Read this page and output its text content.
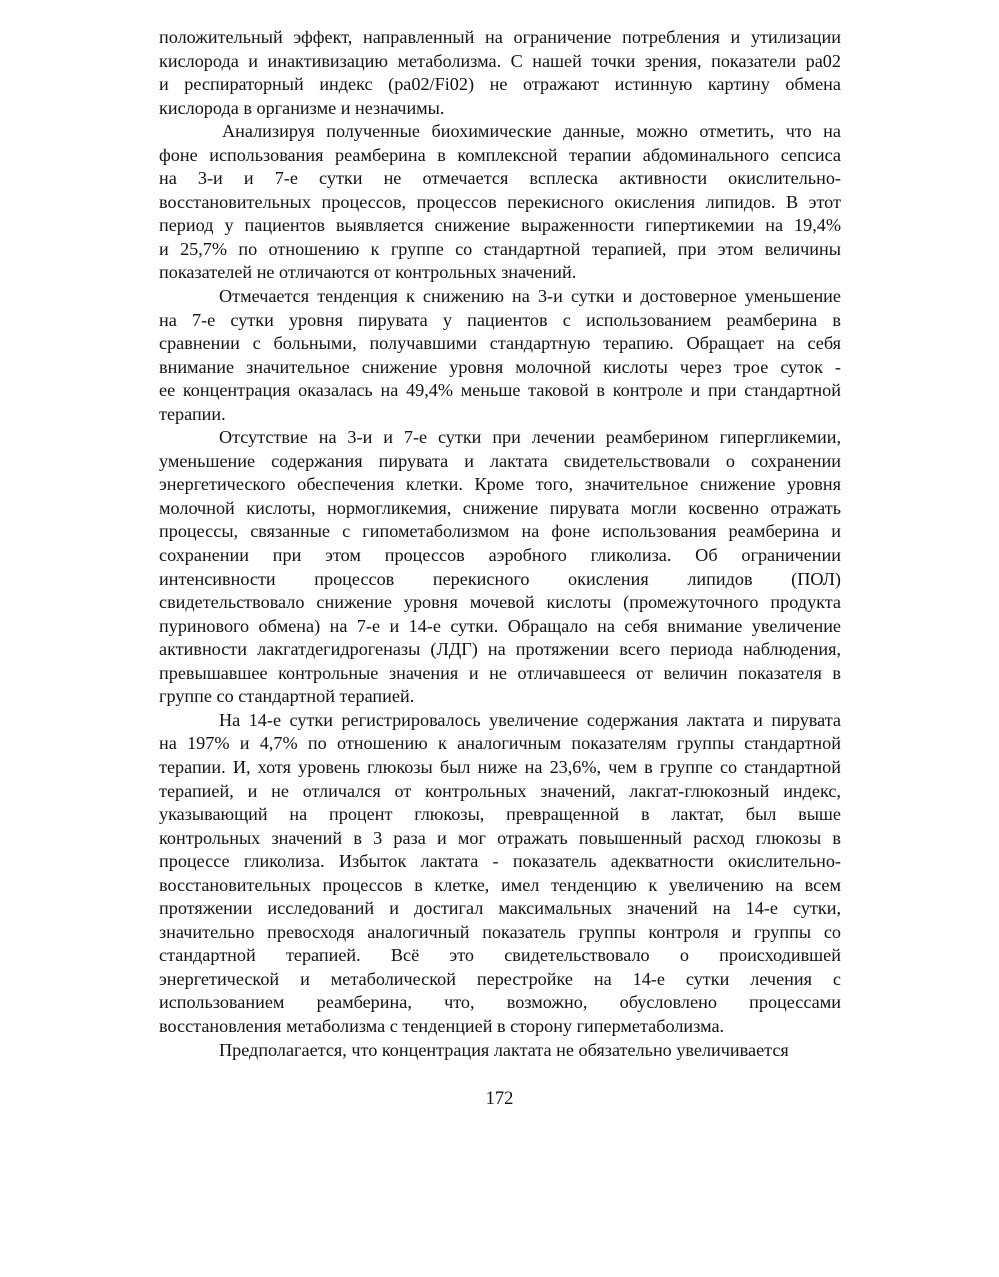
положительный эффект, направленный на ограничение потребления и утилизации
кислорода и инактивизацию метаболизма. С нашей точки зрения, показатели pa02
и респираторный индекс (pa02/Fi02) не отражают истинную картину обмена
кислорода в организме и незначимы.
Анализируя полученные биохимические данные, можно отметить, что на
фоне использования реамберина в комплексной терапии абдоминального сепсиса
на 3-и и 7-е сутки не отмечается всплеска активности окислительно-
восстановительных процессов, процессов перекисного окисления липидов. В этот
период у пациентов выявляется снижение выраженности гипертикемии на 19,4%
и 25,7% по отношению к группе со стандартной терапией, при этом величины
показателей не отличаются от контрольных значений.
Отмечается тенденция к снижению на 3-и сутки и достоверное уменьшение
на 7-е сутки уровня пирувата у пациентов с использованием реамберина в
сравнении с больными, получавшими стандартную терапию. Обращает на себя
внимание значительное снижение уровня молочной кислоты через трое суток -
ее концентрация оказалась на 49,4% меньше таковой в контроле и при стандартной
терапии.
Отсутствие на 3-и и 7-е сутки при лечении реамберином гипергликемии,
уменьшение содержания пирувата и лактата свидетельствовали о сохранении
энергетического обеспечения клетки. Кроме того, значительное снижение уровня
молочной кислоты, нормогликемия, снижение пирувата могли косвенно отражать
процессы, связанные с гипометаболизмом на фоне использования реамберина и
сохранении при этом процессов аэробного гликолиза. Об ограничении
интенсивности процессов перекисного окисления липидов (ПОЛ)
свидетельствовало снижение уровня мочевой кислоты (промежуточного продукта
пуринового обмена) на 7-е и 14-е сутки. Обращало на себя внимание увеличение
активности лакгатдегидрогеназы (ЛДГ) на протяжении всего периода наблюдения,
превышавшее контрольные значения и не отличавшееся от величин показателя в
группе со стандартной терапией.
На 14-е сутки регистрировалось увеличение содержания лактата и пирувата
на 197% и 4,7% по отношению к аналогичным показателям группы стандартной
терапии. И, хотя уровень глюкозы был ниже на 23,6%, чем в группе со стандартной
терапией, и не отличался от контрольных значений, лакгат-глюкозный индекс,
указывающий на процент глюкозы, превращенной в лактат, был выше
контрольных значений в 3 раза и мог отражать повышенный расход глюкозы в
процессе гликолиза. Избыток лактата - показатель адекватности окислительно-
восстановительных процессов в клетке, имел тенденцию к увеличению на всем
протяжении исследований и достигал максимальных значений на 14-е сутки,
значительно превосходя аналогичный показатель группы контроля и группы со
стандартной терапией. Всё это свидетельствовало о происходившей
энергетической и метаболической перестройке на 14-е сутки лечения с
использованием реамберина, что, возможно, обусловлено процессами
восстановления метаболизма с тенденцией в сторону гиперметаболизма.
Предполагается, что концентрация лактата не обязательно увеличивается
172
